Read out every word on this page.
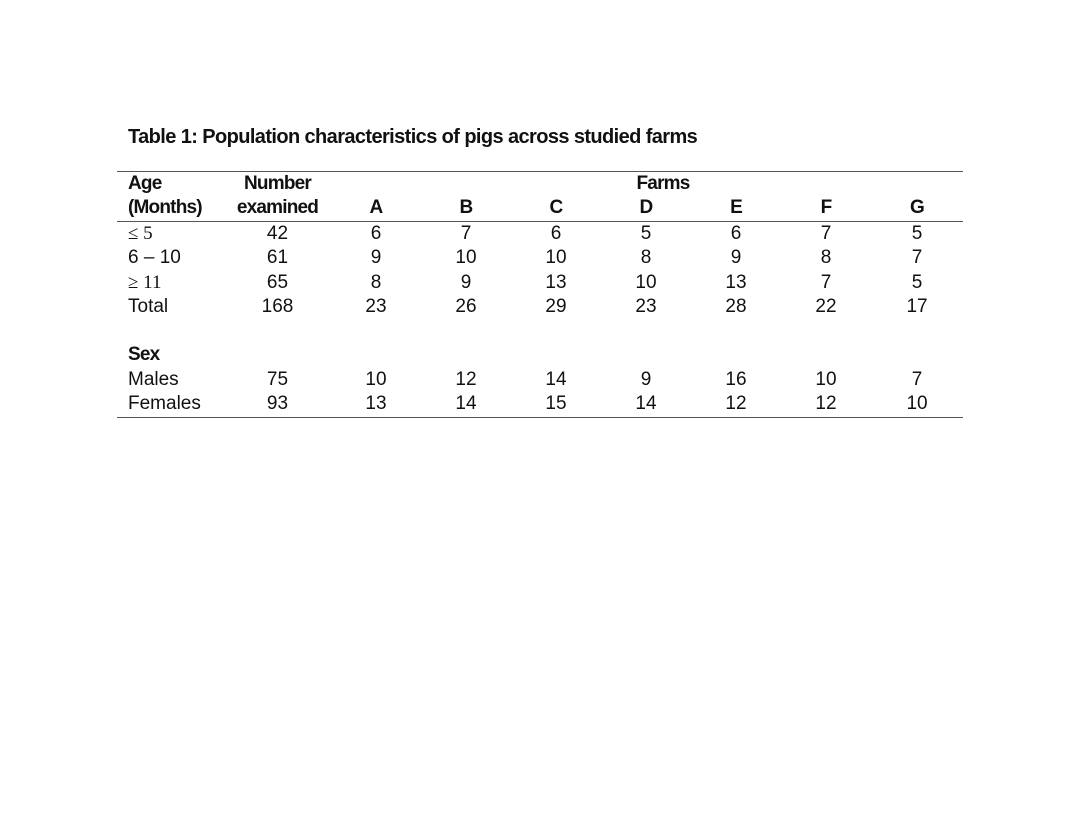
Table 1: Population characteristics of pigs across studied farms
Age	Number	Farms						
(Months)	examined	A	B	C	D	E	F	G
≤ 5	42	6	7	6	5	6	7	5
6 – 10	61	9	10	10	8	9	8	7
≥ 11	65	8	9	13	10	13	7	5
Total	168	23	26	29	23	28	22	17

Sex								
Males	75	10	12	14	9	16	10	7
Females	93	13	14	15	14	12	12	10
